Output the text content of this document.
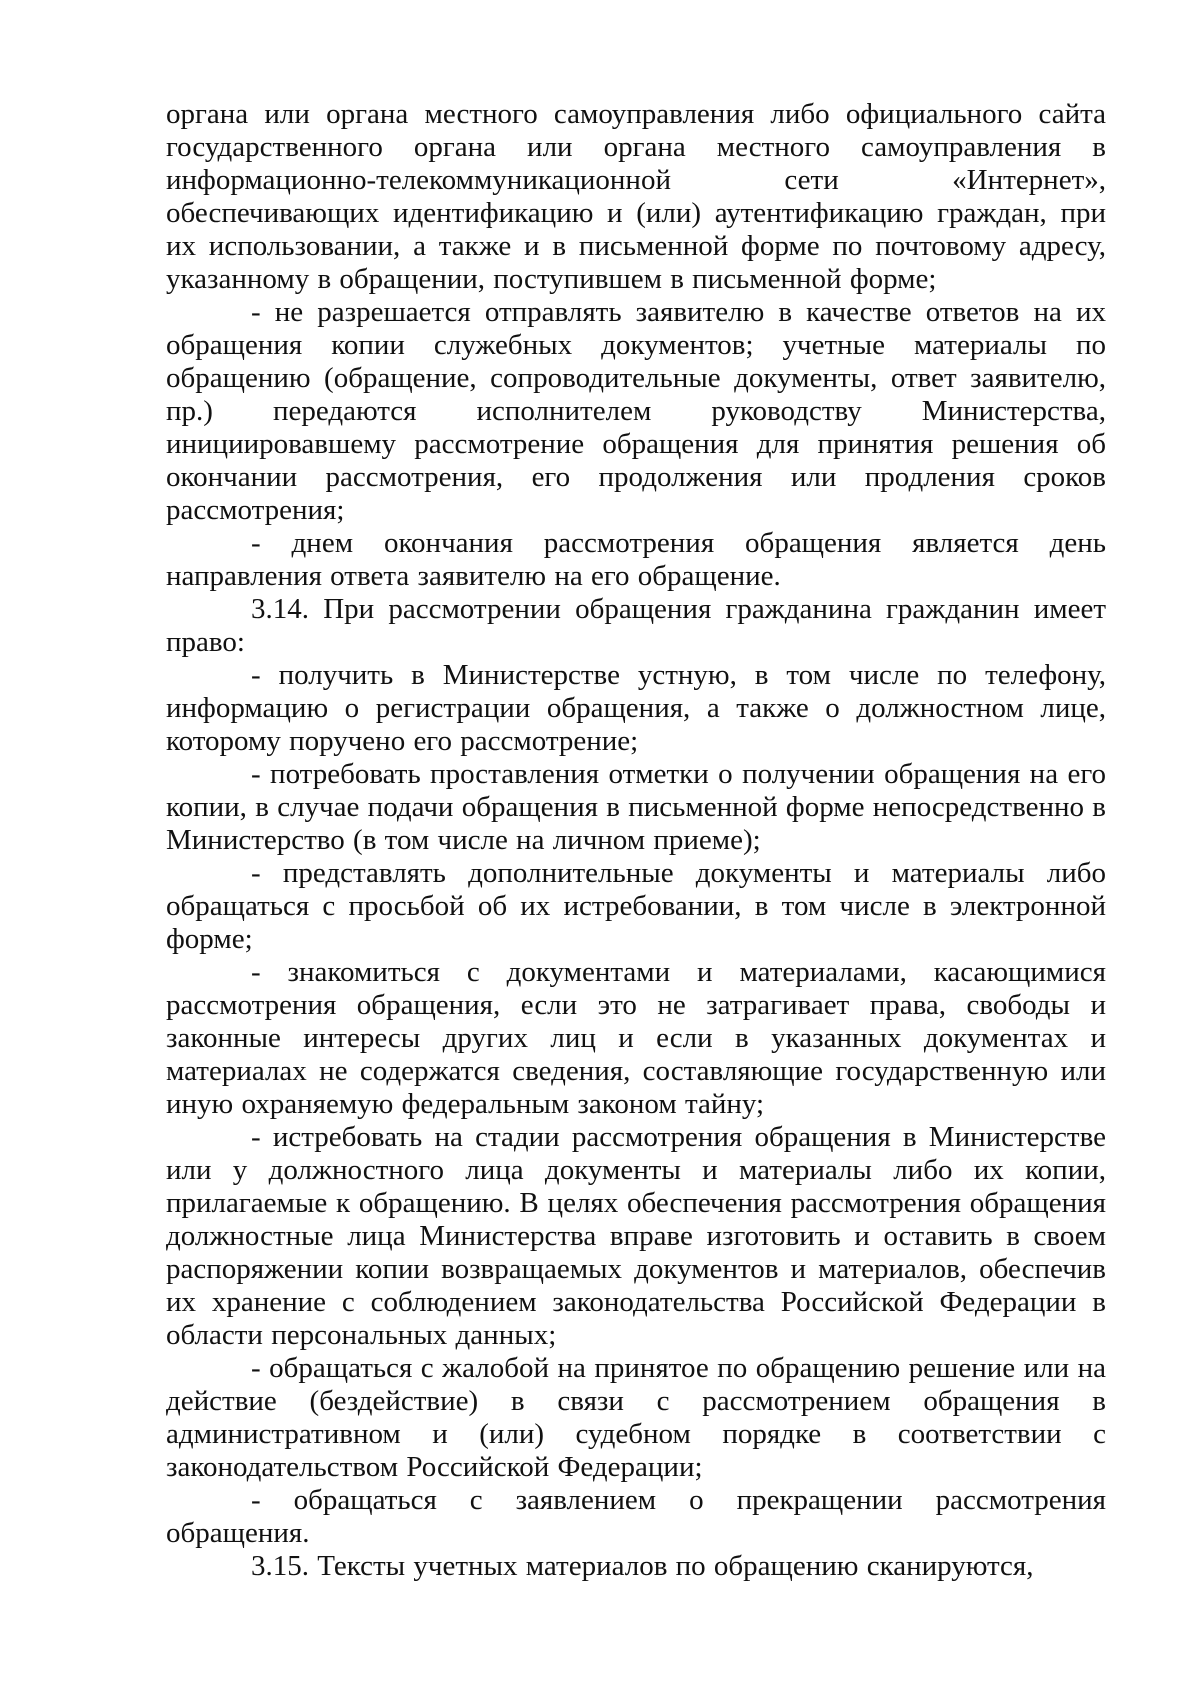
органа или органа местного самоуправления либо официального сайта государственного органа или органа местного самоуправления в информационно-телекоммуникационной сети «Интернет», обеспечивающих идентификацию и (или) аутентификацию граждан, при их использовании, а также и в письменной форме по почтовому адресу, указанному в обращении, поступившем в письменной форме;

- не разрешается отправлять заявителю в качестве ответов на их обращения копии служебных документов; учетные материалы по обращению (обращение, сопроводительные документы, ответ заявителю, пр.) передаются исполнителем руководству Министерства, инициировавшему рассмотрение обращения для принятия решения об окончании рассмотрения, его продолжения или продления сроков рассмотрения;

- днем окончания рассмотрения обращения является день направления ответа заявителю на его обращение.

3.14. При рассмотрении обращения гражданина гражданин имеет право:

- получить в Министерстве устную, в том числе по телефону, информацию о регистрации обращения, а также о должностном лице, которому поручено его рассмотрение;

- потребовать проставления отметки о получении обращения на его копии, в случае подачи обращения в письменной форме непосредственно в Министерство (в том числе на личном приеме);

- представлять дополнительные документы и материалы либо обращаться с просьбой об их истребовании, в том числе в электронной форме;

- знакомиться с документами и материалами, касающимися рассмотрения обращения, если это не затрагивает права, свободы и законные интересы других лиц и если в указанных документах и материалах не содержатся сведения, составляющие государственную или иную охраняемую федеральным законом тайну;

- истребовать на стадии рассмотрения обращения в Министерстве или у должностного лица документы и материалы либо их копии, прилагаемые к обращению. В целях обеспечения рассмотрения обращения должностные лица Министерства вправе изготовить и оставить в своем распоряжении копии возвращаемых документов и материалов, обеспечив их хранение с соблюдением законодательства Российской Федерации в области персональных данных;

- обращаться с жалобой на принятое по обращению решение или на действие (бездействие) в связи с рассмотрением обращения в административном и (или) судебном порядке в соответствии с законодательством Российской Федерации;

- обращаться с заявлением о прекращении рассмотрения обращения.

3.15. Тексты учетных материалов по обращению сканируются,
